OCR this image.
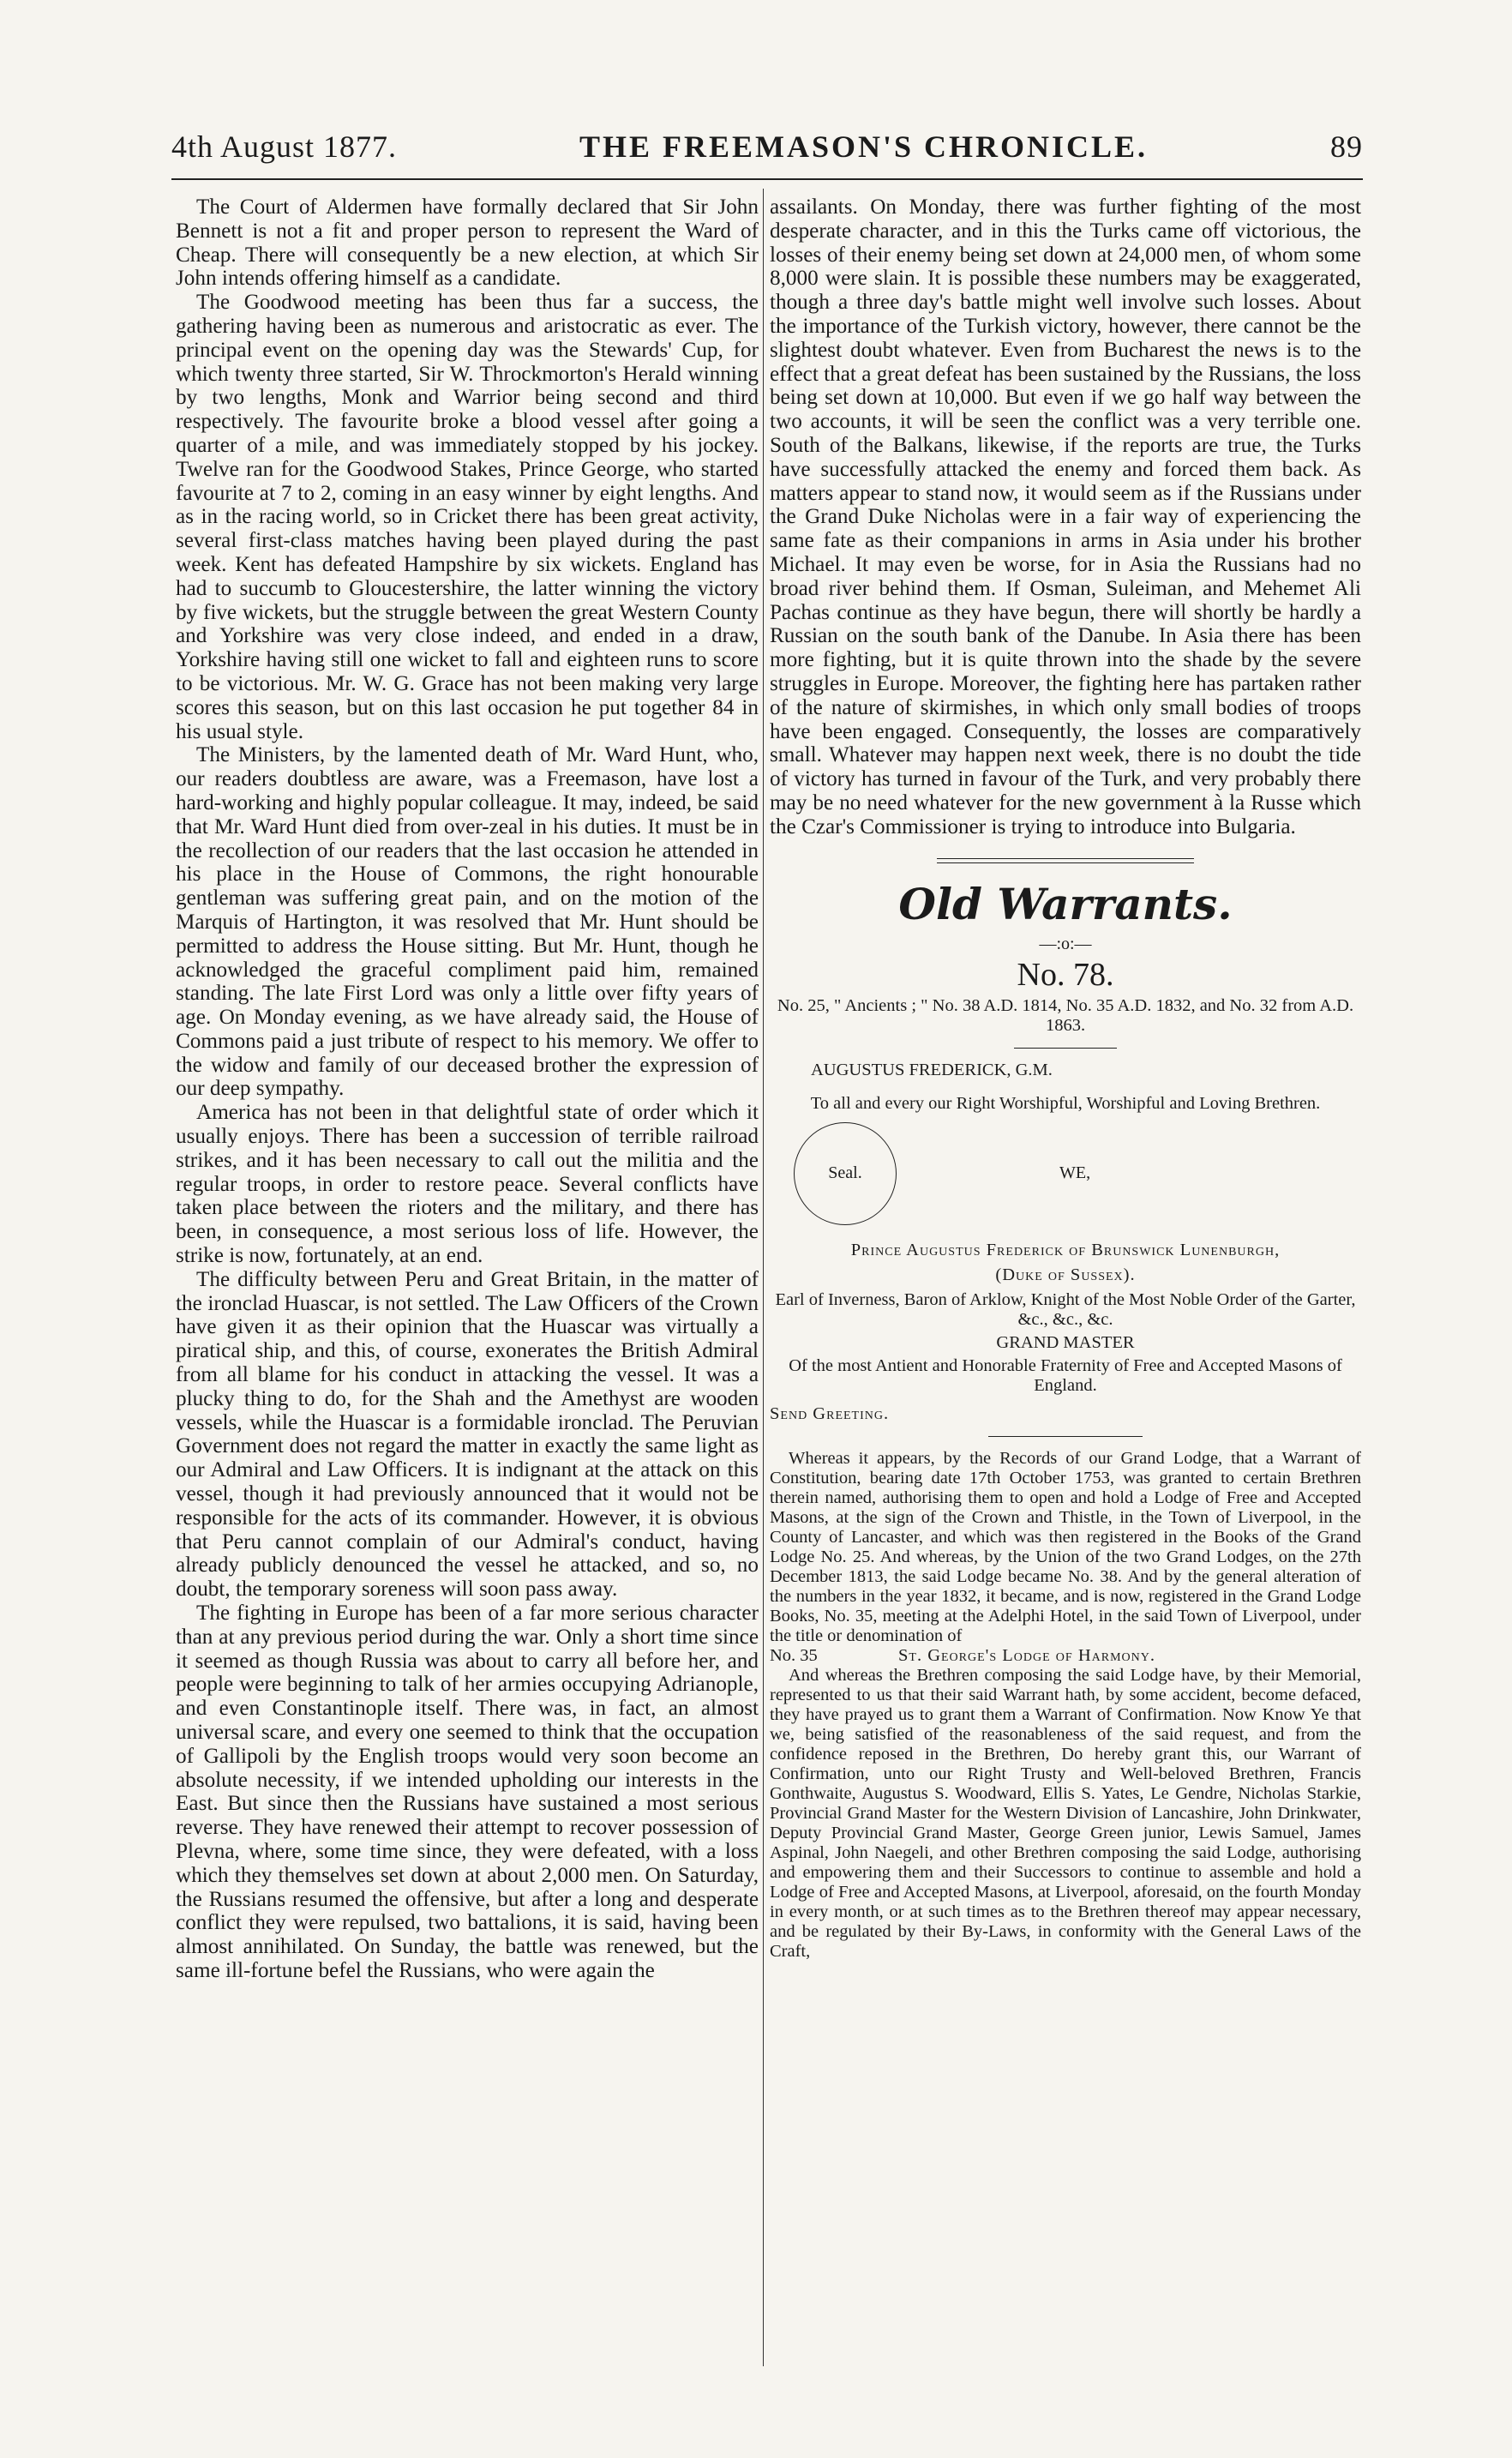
4th August 1877.	THE FREEMASON'S CHRONICLE.	89

The Court of Aldermen have formally declared that Sir John Bennett is not a fit and proper person to represent the Ward of Cheap. There will consequently be a new election, at which Sir John intends offering himself as a candidate.

The Goodwood meeting has been thus far a success, the gathering having been as numerous and aristocratic as ever. The principal event on the opening day was the Stewards' Cup, for which twenty three started, Sir W. Throckmorton's Herald winning by two lengths, Monk and Warrior being second and third respectively. The favourite broke a blood vessel after going a quarter of a mile, and was immediately stopped by his jockey. Twelve ran for the Goodwood Stakes, Prince George, who started favourite at 7 to 2, coming in an easy winner by eight lengths. And as in the racing world, so in Cricket there has been great activity, several first-class matches having been played during the past week. Kent has defeated Hampshire by six wickets. England has had to succumb to Gloucestershire, the latter winning the victory by five wickets, but the struggle between the great Western County and Yorkshire was very close indeed, and ended in a draw, Yorkshire having still one wicket to fall and eighteen runs to score to be victorious. Mr. W. G. Grace has not been making very large scores this season, but on this last occasion he put together 84 in his usual style.

The Ministers, by the lamented death of Mr. Ward Hunt, who, our readers doubtless are aware, was a Freemason, have lost a hard-working and highly popular colleague. It may, indeed, be said that Mr. Ward Hunt died from over-zeal in his duties. It must be in the recollection of our readers that the last occasion he attended in his place in the House of Commons, the right honourable gentleman was suffering great pain, and on the motion of the Marquis of Hartington, it was resolved that Mr. Hunt should be permitted to address the House sitting. But Mr. Hunt, though he acknowledged the graceful compliment paid him, remained standing. The late First Lord was only a little over fifty years of age. On Monday evening, as we have already said, the House of Commons paid a just tribute of respect to his memory. We offer to the widow and family of our deceased brother the expression of our deep sympathy.

America has not been in that delightful state of order which it usually enjoys. There has been a succession of terrible railroad strikes, and it has been necessary to call out the militia and the regular troops, in order to restore peace. Several conflicts have taken place between the rioters and the military, and there has been, in consequence, a most serious loss of life. However, the strike is now, fortunately, at an end.

The difficulty between Peru and Great Britain, in the matter of the ironclad Huascar, is not settled. The Law Officers of the Crown have given it as their opinion that the Huascar was virtually a piratical ship, and this, of course, exonerates the British Admiral from all blame for his conduct in attacking the vessel. It was a plucky thing to do, for the Shah and the Amethyst are wooden vessels, while the Huascar is a formidable ironclad. The Peruvian Government does not regard the matter in exactly the same light as our Admiral and Law Officers. It is indignant at the attack on this vessel, though it had previously announced that it would not be responsible for the acts of its commander. However, it is obvious that Peru cannot complain of our Admiral's conduct, having already publicly denounced the vessel he attacked, and so, no doubt, the temporary soreness will soon pass away.

The fighting in Europe has been of a far more serious character than at any previous period during the war. Only a short time since it seemed as though Russia was about to carry all before her, and people were beginning to talk of her armies occupying Adrianople, and even Constantinople itself. There was, in fact, an almost universal scare, and every one seemed to think that the occupation of Gallipoli by the English troops would very soon become an absolute necessity, if we intended upholding our interests in the East. But since then the Russians have sustained a most serious reverse. They have renewed their attempt to recover possession of Plevna, where, some time since, they were defeated, with a loss which they themselves set down at about 2,000 men. On Saturday, the Russians resumed the offensive, but after a long and desperate conflict they were repulsed, two battalions, it is said, having been almost annihilated. On Sunday, the battle was renewed, but the same ill-fortune befel the Russians, who were again the

assailants. On Monday, there was further fighting of the most desperate character, and in this the Turks came off victorious, the losses of their enemy being set down at 24,000 men, of whom some 8,000 were slain. It is possible these numbers may be exaggerated, though a three day's battle might well involve such losses. About the importance of the Turkish victory, however, there cannot be the slightest doubt whatever. Even from Bucharest the news is to the effect that a great defeat has been sustained by the Russians, the loss being set down at 10,000. But even if we go half way between the two accounts, it will be seen the conflict was a very terrible one. South of the Balkans, likewise, if the reports are true, the Turks have successfully attacked the enemy and forced them back. As matters appear to stand now, it would seem as if the Russians under the Grand Duke Nicholas were in a fair way of experiencing the same fate as their companions in arms in Asia under his brother Michael. It may even be worse, for in Asia the Russians had no broad river behind them. If Osman, Suleiman, and Mehemet Ali Pachas continue as they have begun, there will shortly be hardly a Russian on the south bank of the Danube. In Asia there has been more fighting, but it is quite thrown into the shade by the severe struggles in Europe. Moreover, the fighting here has partaken rather of the nature of skirmishes, in which only small bodies of troops have been engaged. Consequently, the losses are comparatively small. Whatever may happen next week, there is no doubt the tide of victory has turned in favour of the Turk, and very probably there may be no need whatever for the new government à la Russe which the Czar's Commissioner is trying to introduce into Bulgaria.

Old Warrants.
—:o:—
No. 78.
No. 25, " Ancients ; " No. 38 A.D. 1814, No. 35 A.D. 1832, and No. 32 from A.D. 1863.
AUGUSTUS FREDERICK, G.M.
To all and every our Right Worshipful, Worshipful and Loving Brethren.
Seal.	WE,
Prince Augustus Frederick of Brunswick Lunenburgh,
(Duke of Sussex).
Earl of Inverness, Baron of Arklow, Knight of the Most Noble Order of the Garter, &c., &c., &c.
GRAND MASTER
Of the most Antient and Honorable Fraternity of Free and Accepted Masons of England.
Send Greeting.

Whereas it appears, by the Records of our Grand Lodge, that a Warrant of Constitution, bearing date 17th October 1753, was granted to certain Brethren therein named, authorising them to open and hold a Lodge of Free and Accepted Masons, at the sign of the Crown and Thistle, in the Town of Liverpool, in the County of Lancaster, and which was then registered in the Books of the Grand Lodge No. 25. And whereas, by the Union of the two Grand Lodges, on the 27th December 1813, the said Lodge became No. 38. And by the general alteration of the numbers in the year 1832, it became, and is now, registered in the Grand Lodge Books, No. 35, meeting at the Adelphi Hotel, in the said Town of Liverpool, under the title or denomination of

No. 35	St. George's Lodge of Harmony.

And whereas the Brethren composing the said Lodge have, by their Memorial, represented to us that their said Warrant hath, by some accident, become defaced, they have prayed us to grant them a Warrant of Confirmation. Now Know Ye that we, being satisfied of the reasonableness of the said request, and from the confidence reposed in the Brethren, Do hereby grant this, our Warrant of Confirmation, unto our Right Trusty and Well-beloved Brethren, Francis Gonthwaite, Augustus S. Woodward, Ellis S. Yates, Le Gendre, Nicholas Starkie, Provincial Grand Master for the Western Division of Lancashire, John Drinkwater, Deputy Provincial Grand Master, George Green junior, Lewis Samuel, James Aspinal, John Naegeli, and other Brethren composing the said Lodge, authorising and empowering them and their Successors to continue to assemble and hold a Lodge of Free and Accepted Masons, at Liverpool, aforesaid, on the fourth Monday in every month, or at such times as to the Brethren thereof may appear necessary, and be regulated by their By-Laws, in conformity with the General Laws of the Craft,
